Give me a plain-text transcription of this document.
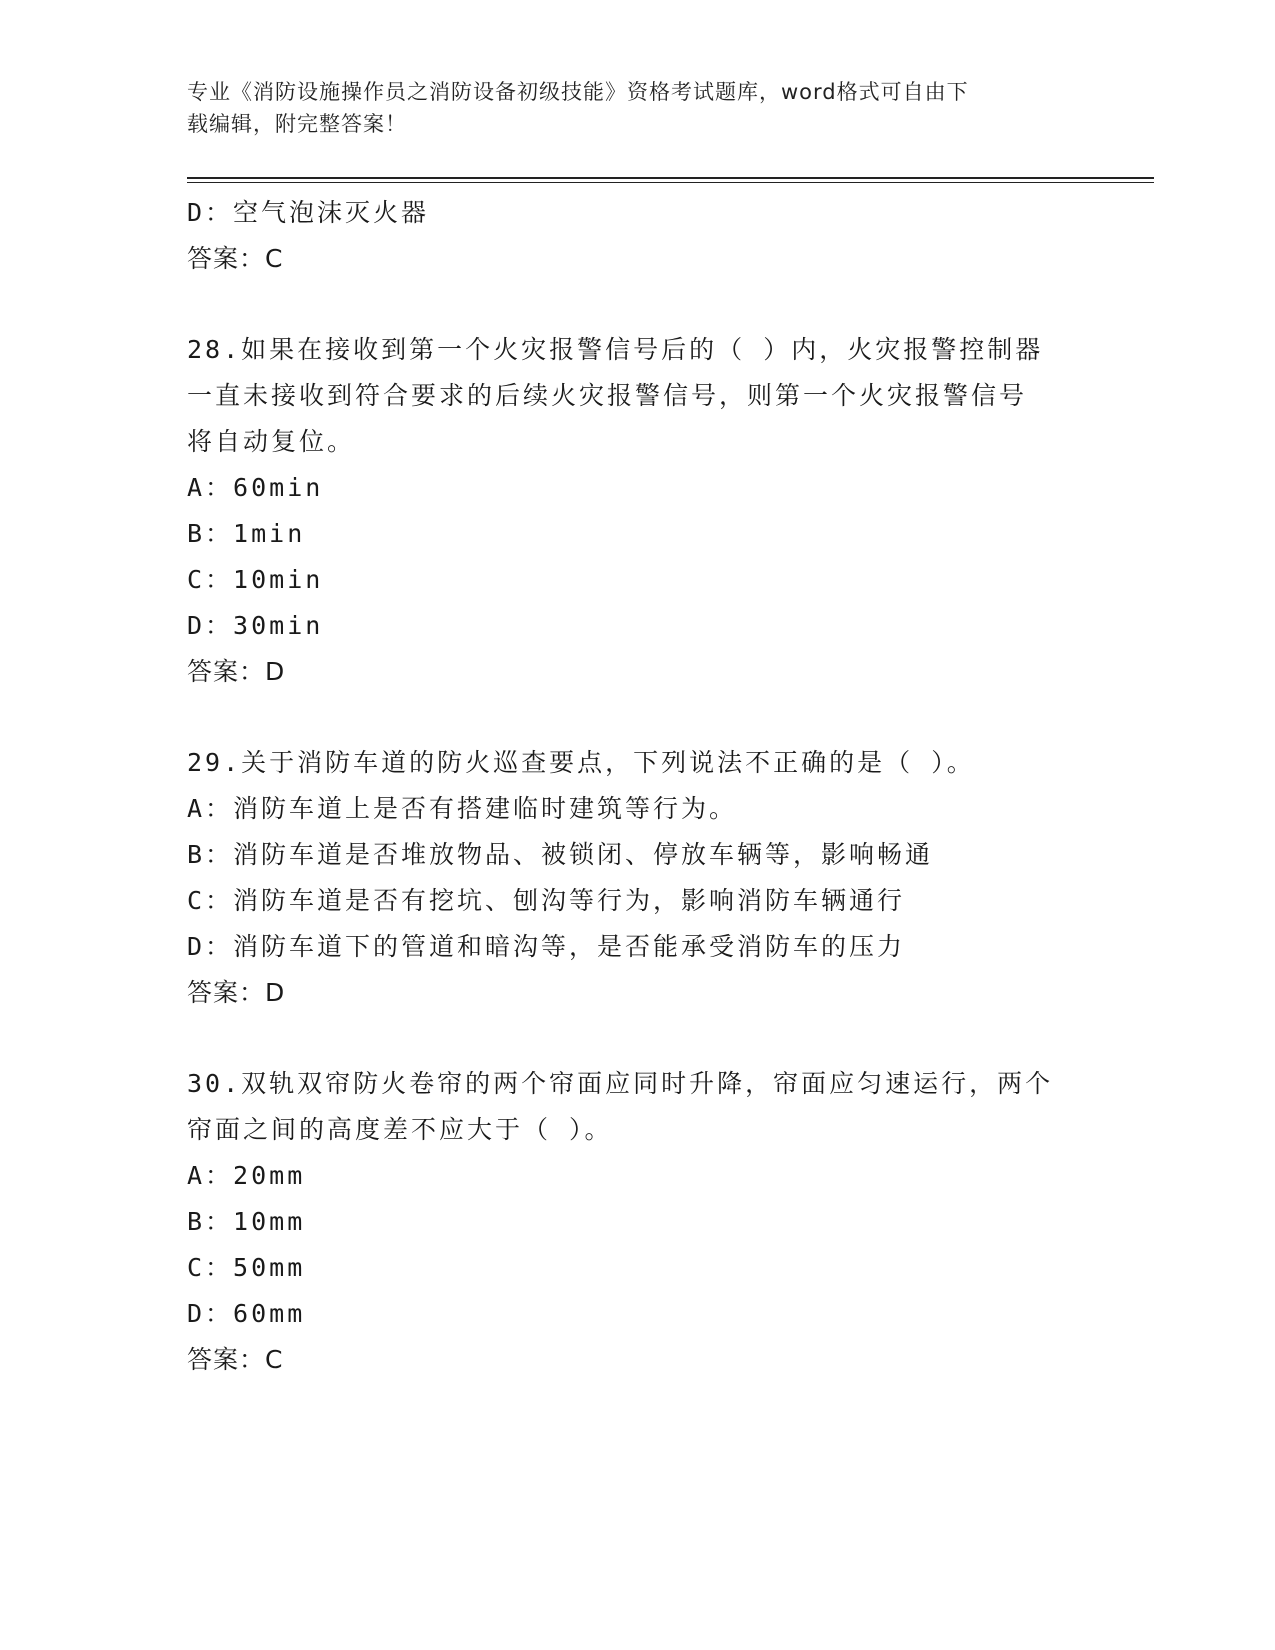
专业《消防设施操作员之消防设备初级技能》资格考试题库，word格式可自由下
载编辑，附完整答案！
D：空气泡沫灭火器
答案：C
28.如果在接收到第一个火灾报警信号后的（ ）内，火灾报警控制器
一直未接收到符合要求的后续火灾报警信号，则第一个火灾报警信号
将自动复位。
A：60min
B：1min
C：10min
D：30min
答案：D
29.关于消防车道的防火巡查要点，下列说法不正确的是（ ）。
A：消防车道上是否有搭建临时建筑等行为。
B：消防车道是否堆放物品、被锁闭、停放车辆等，影响畅通
C：消防车道是否有挖坑、刨沟等行为，影响消防车辆通行
D：消防车道下的管道和暗沟等，是否能承受消防车的压力
答案：D
30.双轨双帘防火卷帘的两个帘面应同时升降，帘面应匀速运行，两个
帘面之间的高度差不应大于（ ）。
A：20mm
B：10mm
C：50mm
D：60mm
答案：C
